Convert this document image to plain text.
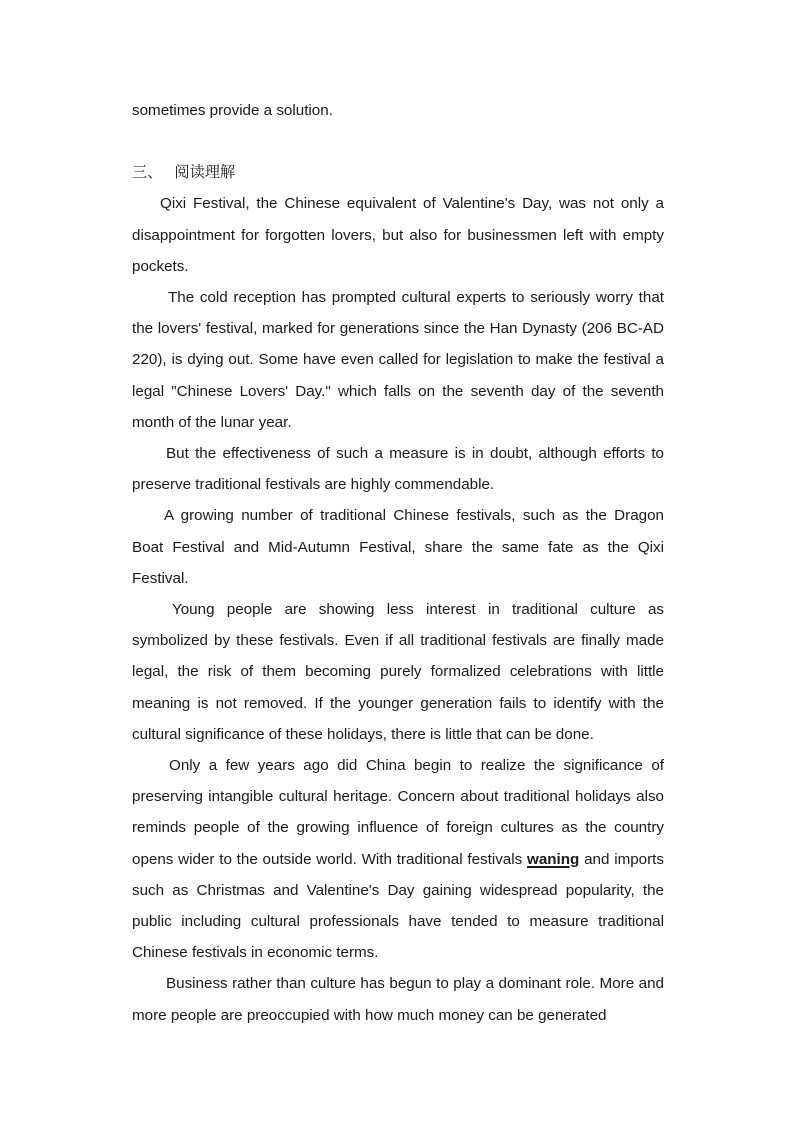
sometimes provide a solution.

三、 阅读理解

Qixi Festival, the Chinese equivalent of Valentine's Day, was not only a disappointment for forgotten lovers, but also for businessmen left with empty pockets.

The cold reception has prompted cultural experts to seriously worry that the lovers' festival, marked for generations since the Han Dynasty (206 BC-AD 220), is dying out. Some have even called for legislation to make the festival a legal "Chinese Lovers' Day." which falls on the seventh day of the seventh month of the lunar year.

But the effectiveness of such a measure is in doubt, although efforts to preserve traditional festivals are highly commendable.

A growing number of traditional Chinese festivals, such as the Dragon Boat Festival and Mid-Autumn Festival, share the same fate as the Qixi Festival.

Young people are showing less interest in traditional culture as symbolized by these festivals. Even if all traditional festivals are finally made legal, the risk of them becoming purely formalized celebrations with little meaning is not removed. If the younger generation fails to identify with the cultural significance of these holidays, there is little that can be done.

Only a few years ago did China begin to realize the significance of preserving intangible cultural heritage. Concern about traditional holidays also reminds people of the growing influence of foreign cultures as the country opens wider to the outside world. With traditional festivals waning and imports such as Christmas and Valentine's Day gaining widespread popularity, the public including cultural professionals have tended to measure traditional Chinese festivals in economic terms.

Business rather than culture has begun to play a dominant role. More and more people are preoccupied with how much money can be generated
